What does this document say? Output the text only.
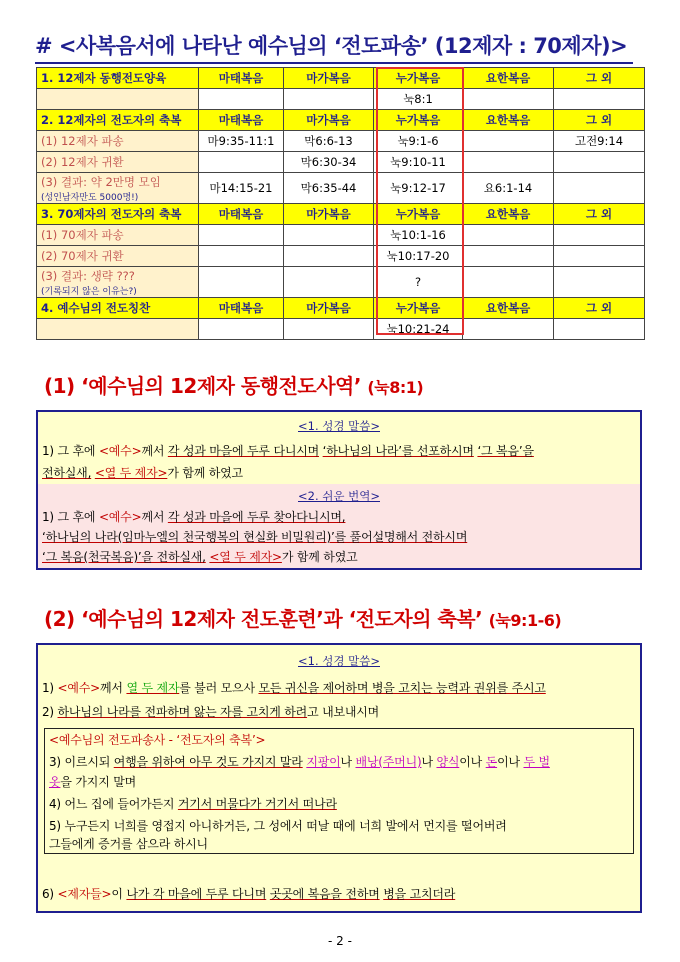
# <사복음서에 나타난 예수님의 ‘전도파송’ (12제자 : 70제자)>
1. 12제자 동행전도양육	마태복음	마가복음	누가복음	요한복음	그 외
			눅8:1		
2. 12제자의 전도자의 축복	마태복음	마가복음	누가복음	요한복음	그 외
(1) 12제자 파송	마9:35-11:1	막6:6-13	눅9:1-6		고전9:14
(2) 12제자 귀환		막6:30-34	눅9:10-11		
(3) 결과: 약 2만명 모임
(성인남자만도 5000명!)	마14:15-21	막6:35-44	눅9:12-17	요6:1-14	
3. 70제자의 전도자의 축복	마태복음	마가복음	누가복음	요한복음	그 외
(1) 70제자 파송			눅10:1-16		
(2) 70제자 귀환			눅10:17-20		
(3) 결과: 생략 ???
(기록되지 않은 이유는?)			?		
4. 예수님의 전도칭찬	마태복음	마가복음	누가복음	요한복음	그 외
			눅10:21-24		
(1) ‘예수님의 12제자 동행전도사역’ (눅8:1)
<1. 성경 말씀>
1) 그 후에 <예수>께서 각 성과 마을에 두루 다니시며 ‘하나님의 나라’를 선포하시며 ‘그 복음’을
전하실새, <열 두 제자>가 함께 하였고
<2. 쉬운 번역>
1) 그 후에 <예수>께서 각 성과 마을에 두루 찾아다니시며,
‘하나님의 나라(임마누엘의 천국행복의 현실화 비밀원리)’를 풀어설명해서 전하시며
‘그 복음(천국복음)’을 전하실새, <열 두 제자>가 함께 하였고
(2) ‘예수님의 12제자 전도훈련’과 ‘전도자의 축복’ (눅9:1-6)
<1. 성경 말씀>
1) <예수>께서 열 두 제자를 불러 모으사 모든 귀신을 제어하며 병을 고치는 능력과 권위를 주시고
2) 하나님의 나라를 전파하며 앓는 자를 고치게 하려고 내보내시며
6) <제자들>이 나가 각 마을에 두루 다니며 곳곳에 복음을 전하며 병을 고치더라
<예수님의 전도파송사 - ‘전도자의 축복’>
3) 이르시되 여행을 위하여 아무 것도 가지지 말라 지팡이나 배낭(주머니)나 양식이나 돈이나 두 벌
옷을 가지지 말며
4) 어느 집에 들어가든지 거기서 머물다가 거기서 떠나라
5) 누구든지 너희를 영접지 아니하거든, 그 성에서 떠날 때에 너희 발에서 먼지를 떨어버려
그들에게 증거를 삼으라 하시니
- 2 -
